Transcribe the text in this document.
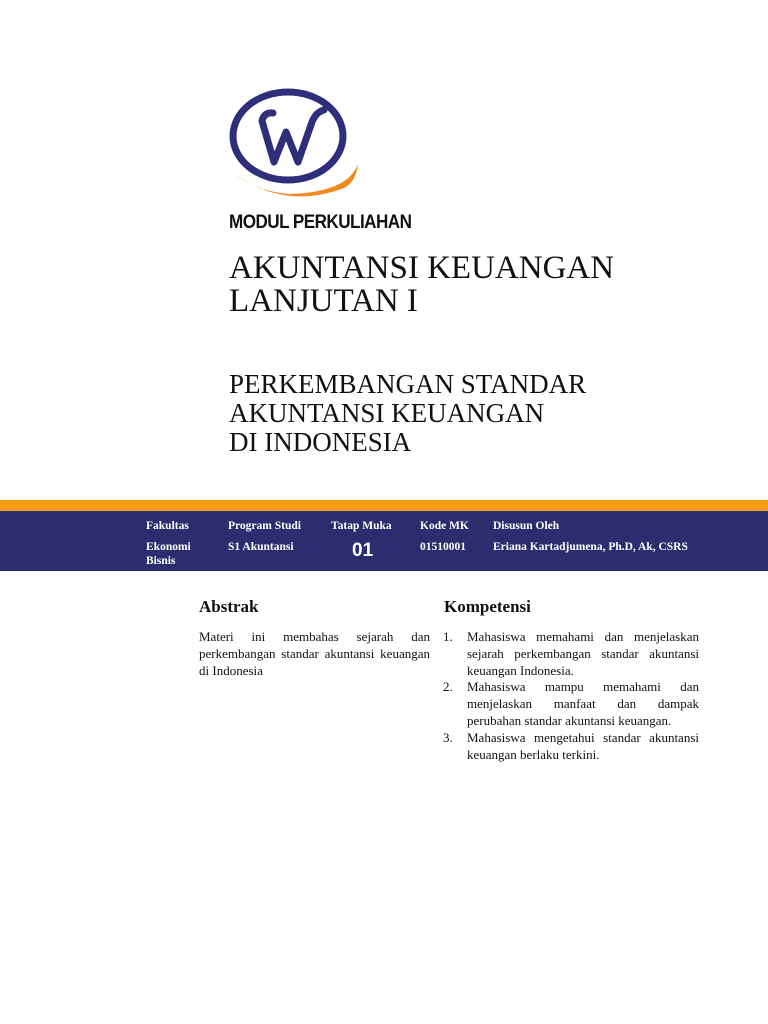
MODUL PERKULIAHAN
AKUNTANSI KEUANGAN
LANJUTAN I
PERKEMBANGAN STANDAR
AKUNTANSI KEUANGAN
DI INDONESIA
Fakultas
Ekonomi
Bisnis
Program Studi
S1 Akuntansi
Tatap Muka
01
Kode MK
01510001
Disusun Oleh
Eriana Kartadjumena, Ph.D, Ak, CSRS
Abstrak

Materi ini membahas sejarah dan perkembangan standar akuntansi keuangan di Indonesia

Kompetensi
1. Mahasiswa memahami dan menjelaskan sejarah perkembangan standar akuntansi keuangan Indonesia.
2. Mahasiswa mampu memahami dan menjelaskan manfaat dan dampak perubahan standar akuntansi keuangan.
3. Mahasiswa mengetahui standar akuntansi keuangan berlaku terkini.
